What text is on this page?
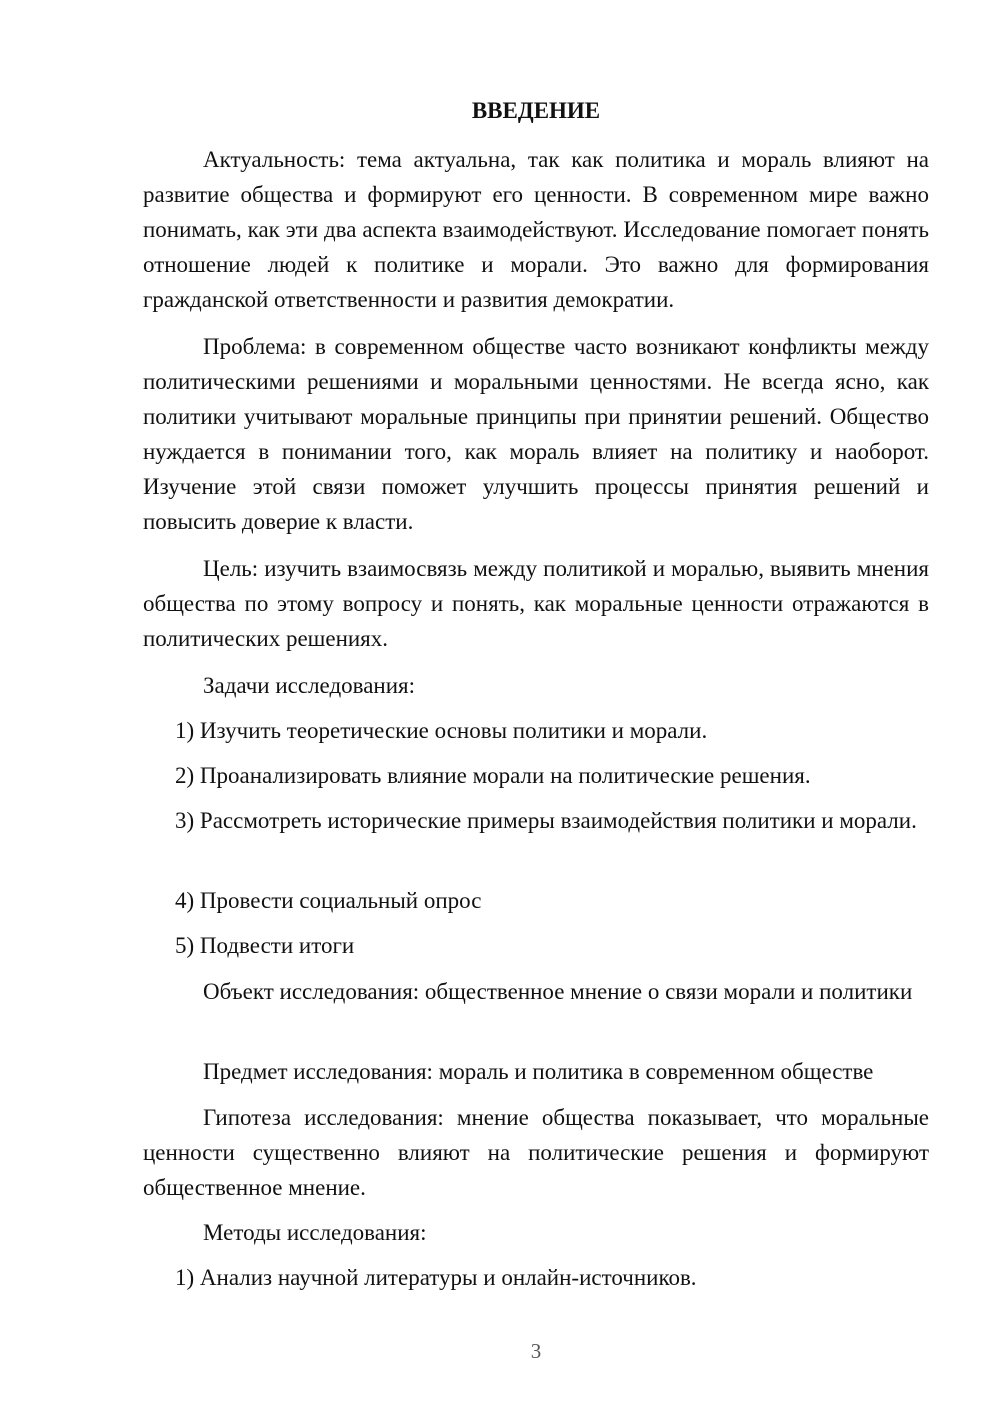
ВВЕДЕНИЕ

Актуальность: тема актуальна, так как политика и мораль влияют на развитие общества и формируют его ценности. В современном мире важно понимать, как эти два аспекта взаимодействуют. Исследование помогает понять отношение людей к политике и морали. Это важно для формирования гражданской ответственности и развития демократии.

Проблема: в современном обществе часто возникают конфликты между политическими решениями и моральными ценностями. Не всегда ясно, как политики учитывают моральные принципы при принятии решений. Общество нуждается в понимании того, как мораль влияет на политику и наоборот. Изучение этой связи поможет улучшить процессы принятия решений и повысить доверие к власти.

Цель: изучить взаимосвязь между политикой и моралью, выявить мнения общества по этому вопросу и понять, как моральные ценности отражаются в политических решениях.

Задачи исследования:

1) Изучить теоретические основы политики и морали.

2) Проанализировать влияние морали на политические решения.

3) Рассмотреть исторические примеры взаимодействия политики и морали.

4) Провести социальный опрос

5) Подвести итоги

Объект исследования: общественное мнение о связи морали и политики

Предмет исследования: мораль и политика в современном обществе

Гипотеза исследования: мнение общества показывает, что моральные ценности существенно влияют на политические решения и формируют общественное мнение.

Методы исследования:

1) Анализ научной литературы и онлайн-источников.

3
